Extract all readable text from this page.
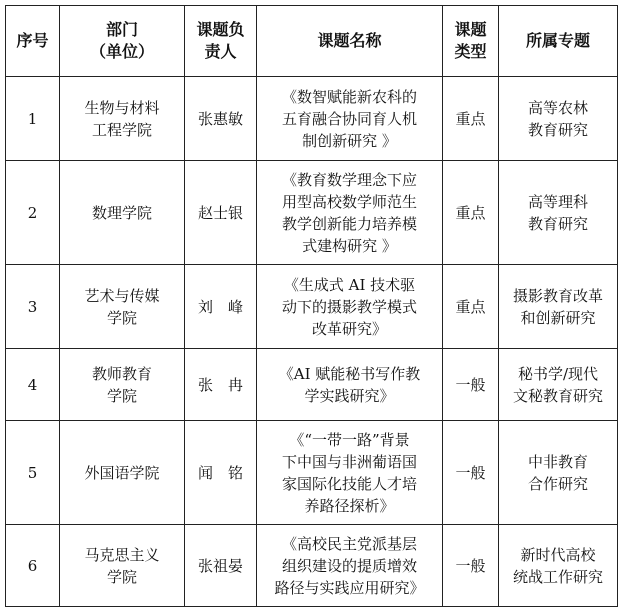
序号	部门
（单位）	课题负
责人	课题名称	课题
类型	所属专题
1	生物与材料
工程学院	张惠敏	《数智赋能新农科的
五育融合协同育人机
制创新研究 》	重点	高等农林
教育研究

2	数理学院	赵士银	《教育数学理念下应
用型高校数学师范生
教学创新能力培养模
式建构研究 》	重点	高等理科
教育研究

3	艺术与传媒
学院	刘　峰	《生成式 AI 技术驱
动下的摄影教学模式
改革研究》	重点	摄影教育改革
和创新研究

4	教师教育
学院	张　冉	《AI 赋能秘书写作教
学实践研究》	一般	秘书学/现代
文秘教育研究

5	外国语学院	闻　铭	《“一带一路”背景
下中国与非洲葡语国
家国际化技能人才培
养路径探析》	一般	中非教育
合作研究

6	马克思主义
学院	张祖晏	《高校民主党派基层
组织建设的提质增效
路径与实践应用研究》	一般	新时代高校
统战工作研究
